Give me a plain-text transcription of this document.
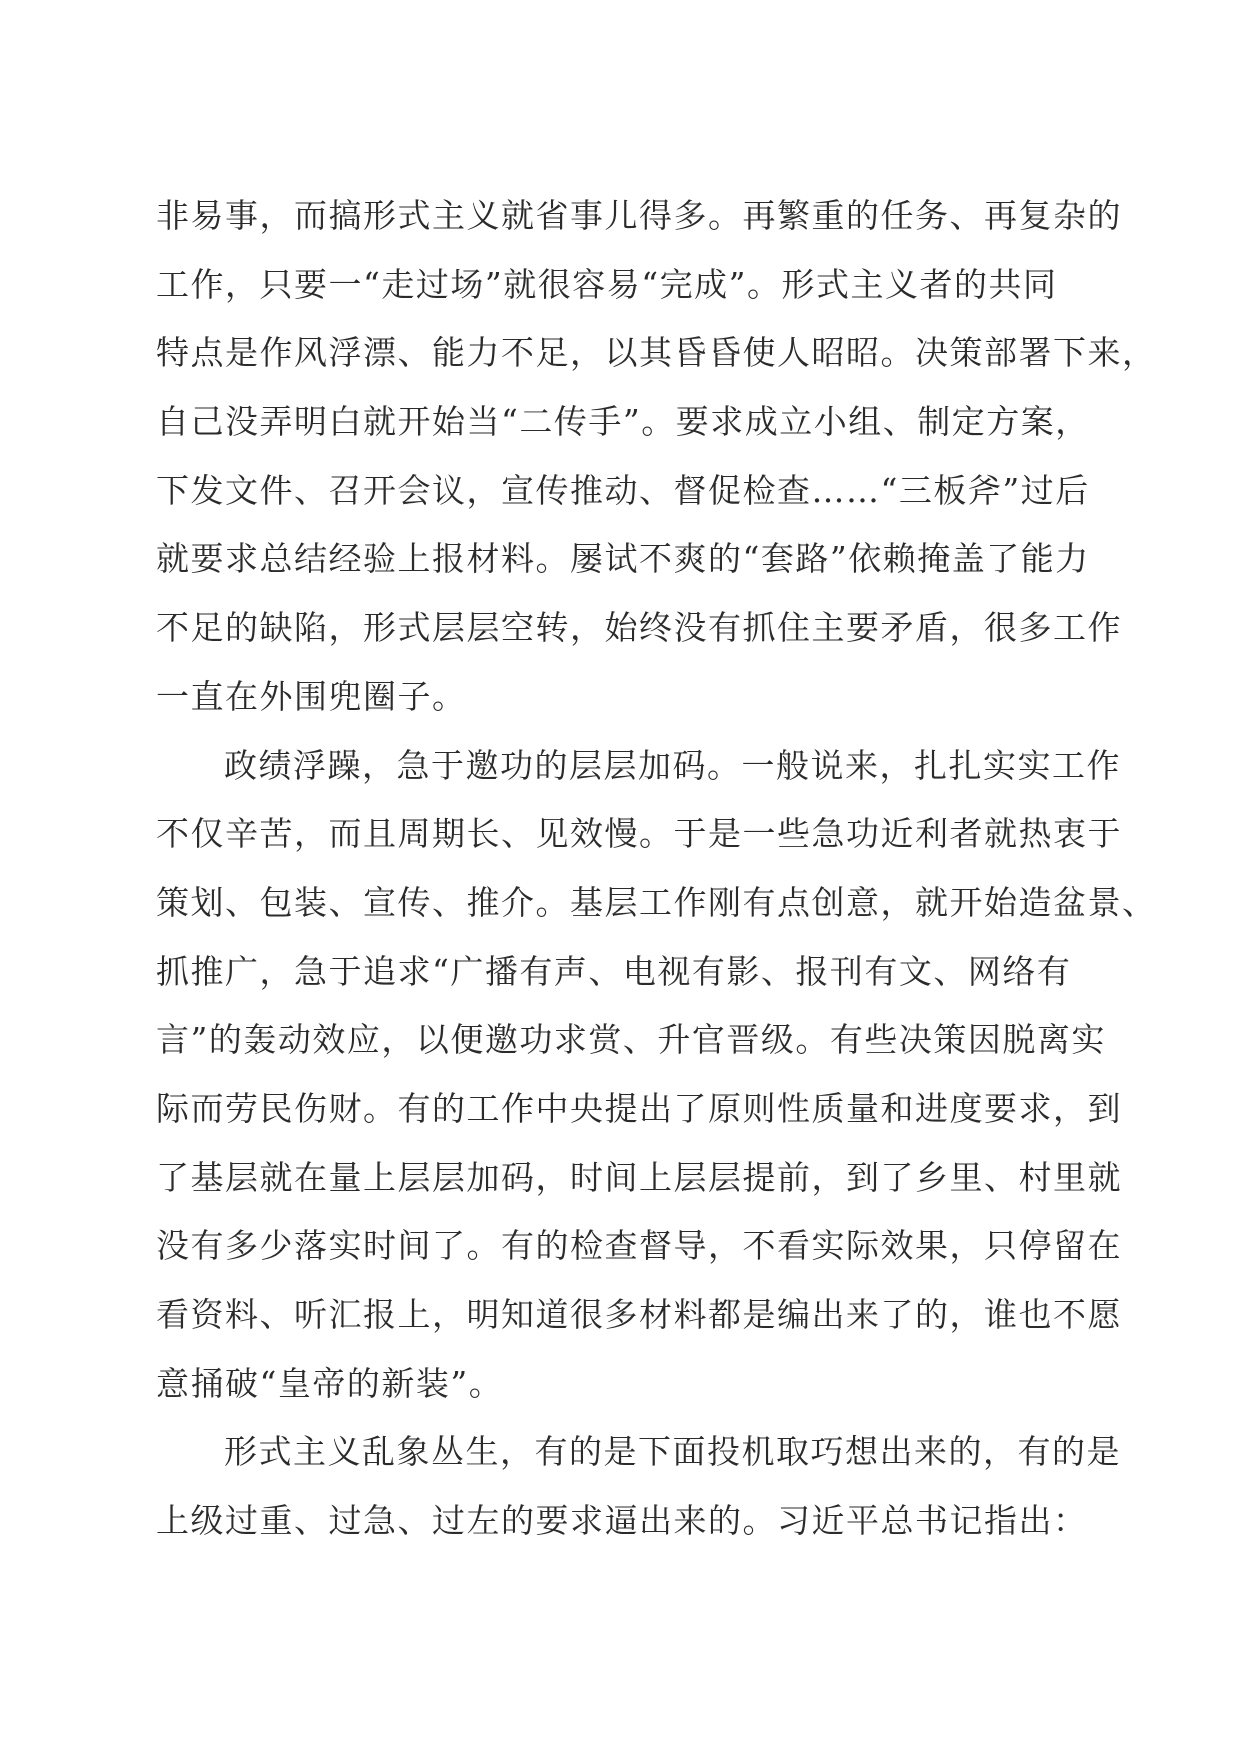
非易事，而搞形式主义就省事儿得多。再繁重的任务、再复杂的

工作，只要一“走过场”就很容易“完成”。形式主义者的共同

特点是作风浮漂、能力不足，以其昏昏使人昭昭。决策部署下来，

自己没弄明白就开始当“二传手”。要求成立小组、制定方案，

下发文件、召开会议，宣传推动、督促检查……“三板斧”过后

就要求总结经验上报材料。屡试不爽的“套路”依赖掩盖了能力

不足的缺陷，形式层层空转，始终没有抓住主要矛盾，很多工作

一直在外围兜圈子。

政绩浮躁，急于邀功的层层加码。一般说来，扎扎实实工作

不仅辛苦，而且周期长、见效慢。于是一些急功近利者就热衷于

策划、包装、宣传、推介。基层工作刚有点创意，就开始造盆景、

抓推广，急于追求“广播有声、电视有影、报刊有文、网络有

言”的轰动效应，以便邀功求赏、升官晋级。有些决策因脱离实

际而劳民伤财。有的工作中央提出了原则性质量和进度要求，到

了基层就在量上层层加码，时间上层层提前，到了乡里、村里就

没有多少落实时间了。有的检查督导，不看实际效果，只停留在

看资料、听汇报上，明知道很多材料都是编出来了的，谁也不愿

意捅破“皇帝的新装”。

形式主义乱象丛生，有的是下面投机取巧想出来的，有的是

上级过重、过急、过左的要求逼出来的。习近平总书记指出：
